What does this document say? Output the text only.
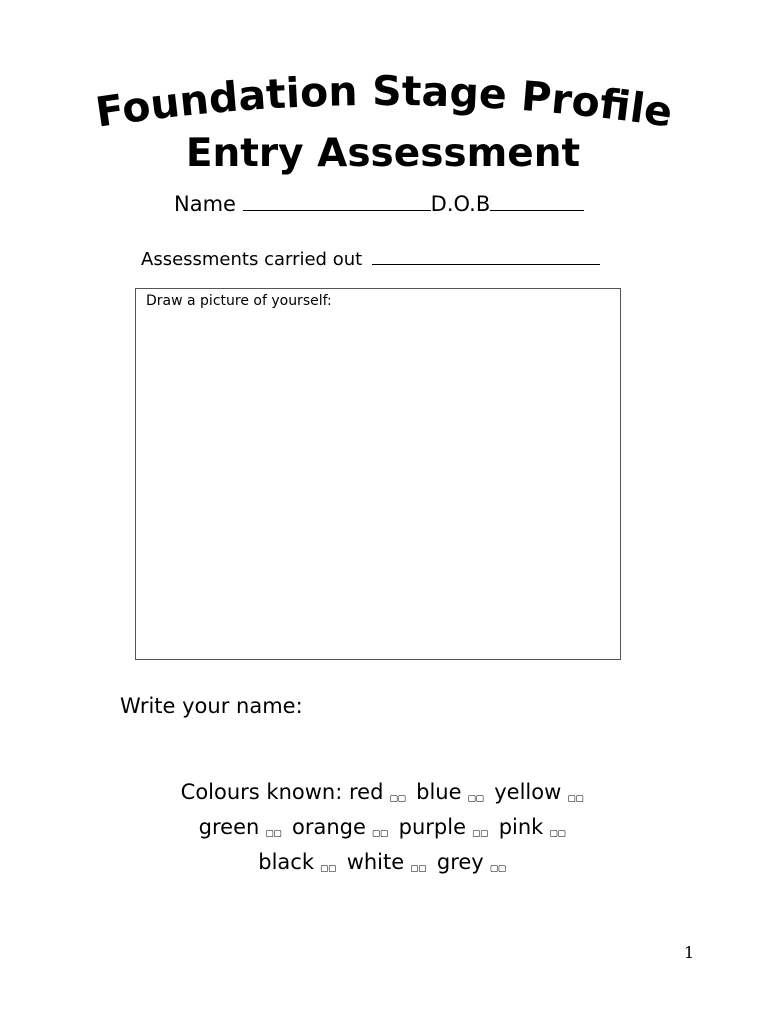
Foundation Stage Profile
Entry Assessment
Name	D.O.B
Assessments carried out
Draw a picture of yourself:
Write your name:
Colours known: red ▢▢ blue ▢▢ yellow ▢▢
green ▢▢ orange ▢▢ purple ▢▢ pink ▢▢
black ▢▢ white ▢▢ grey ▢▢
1
